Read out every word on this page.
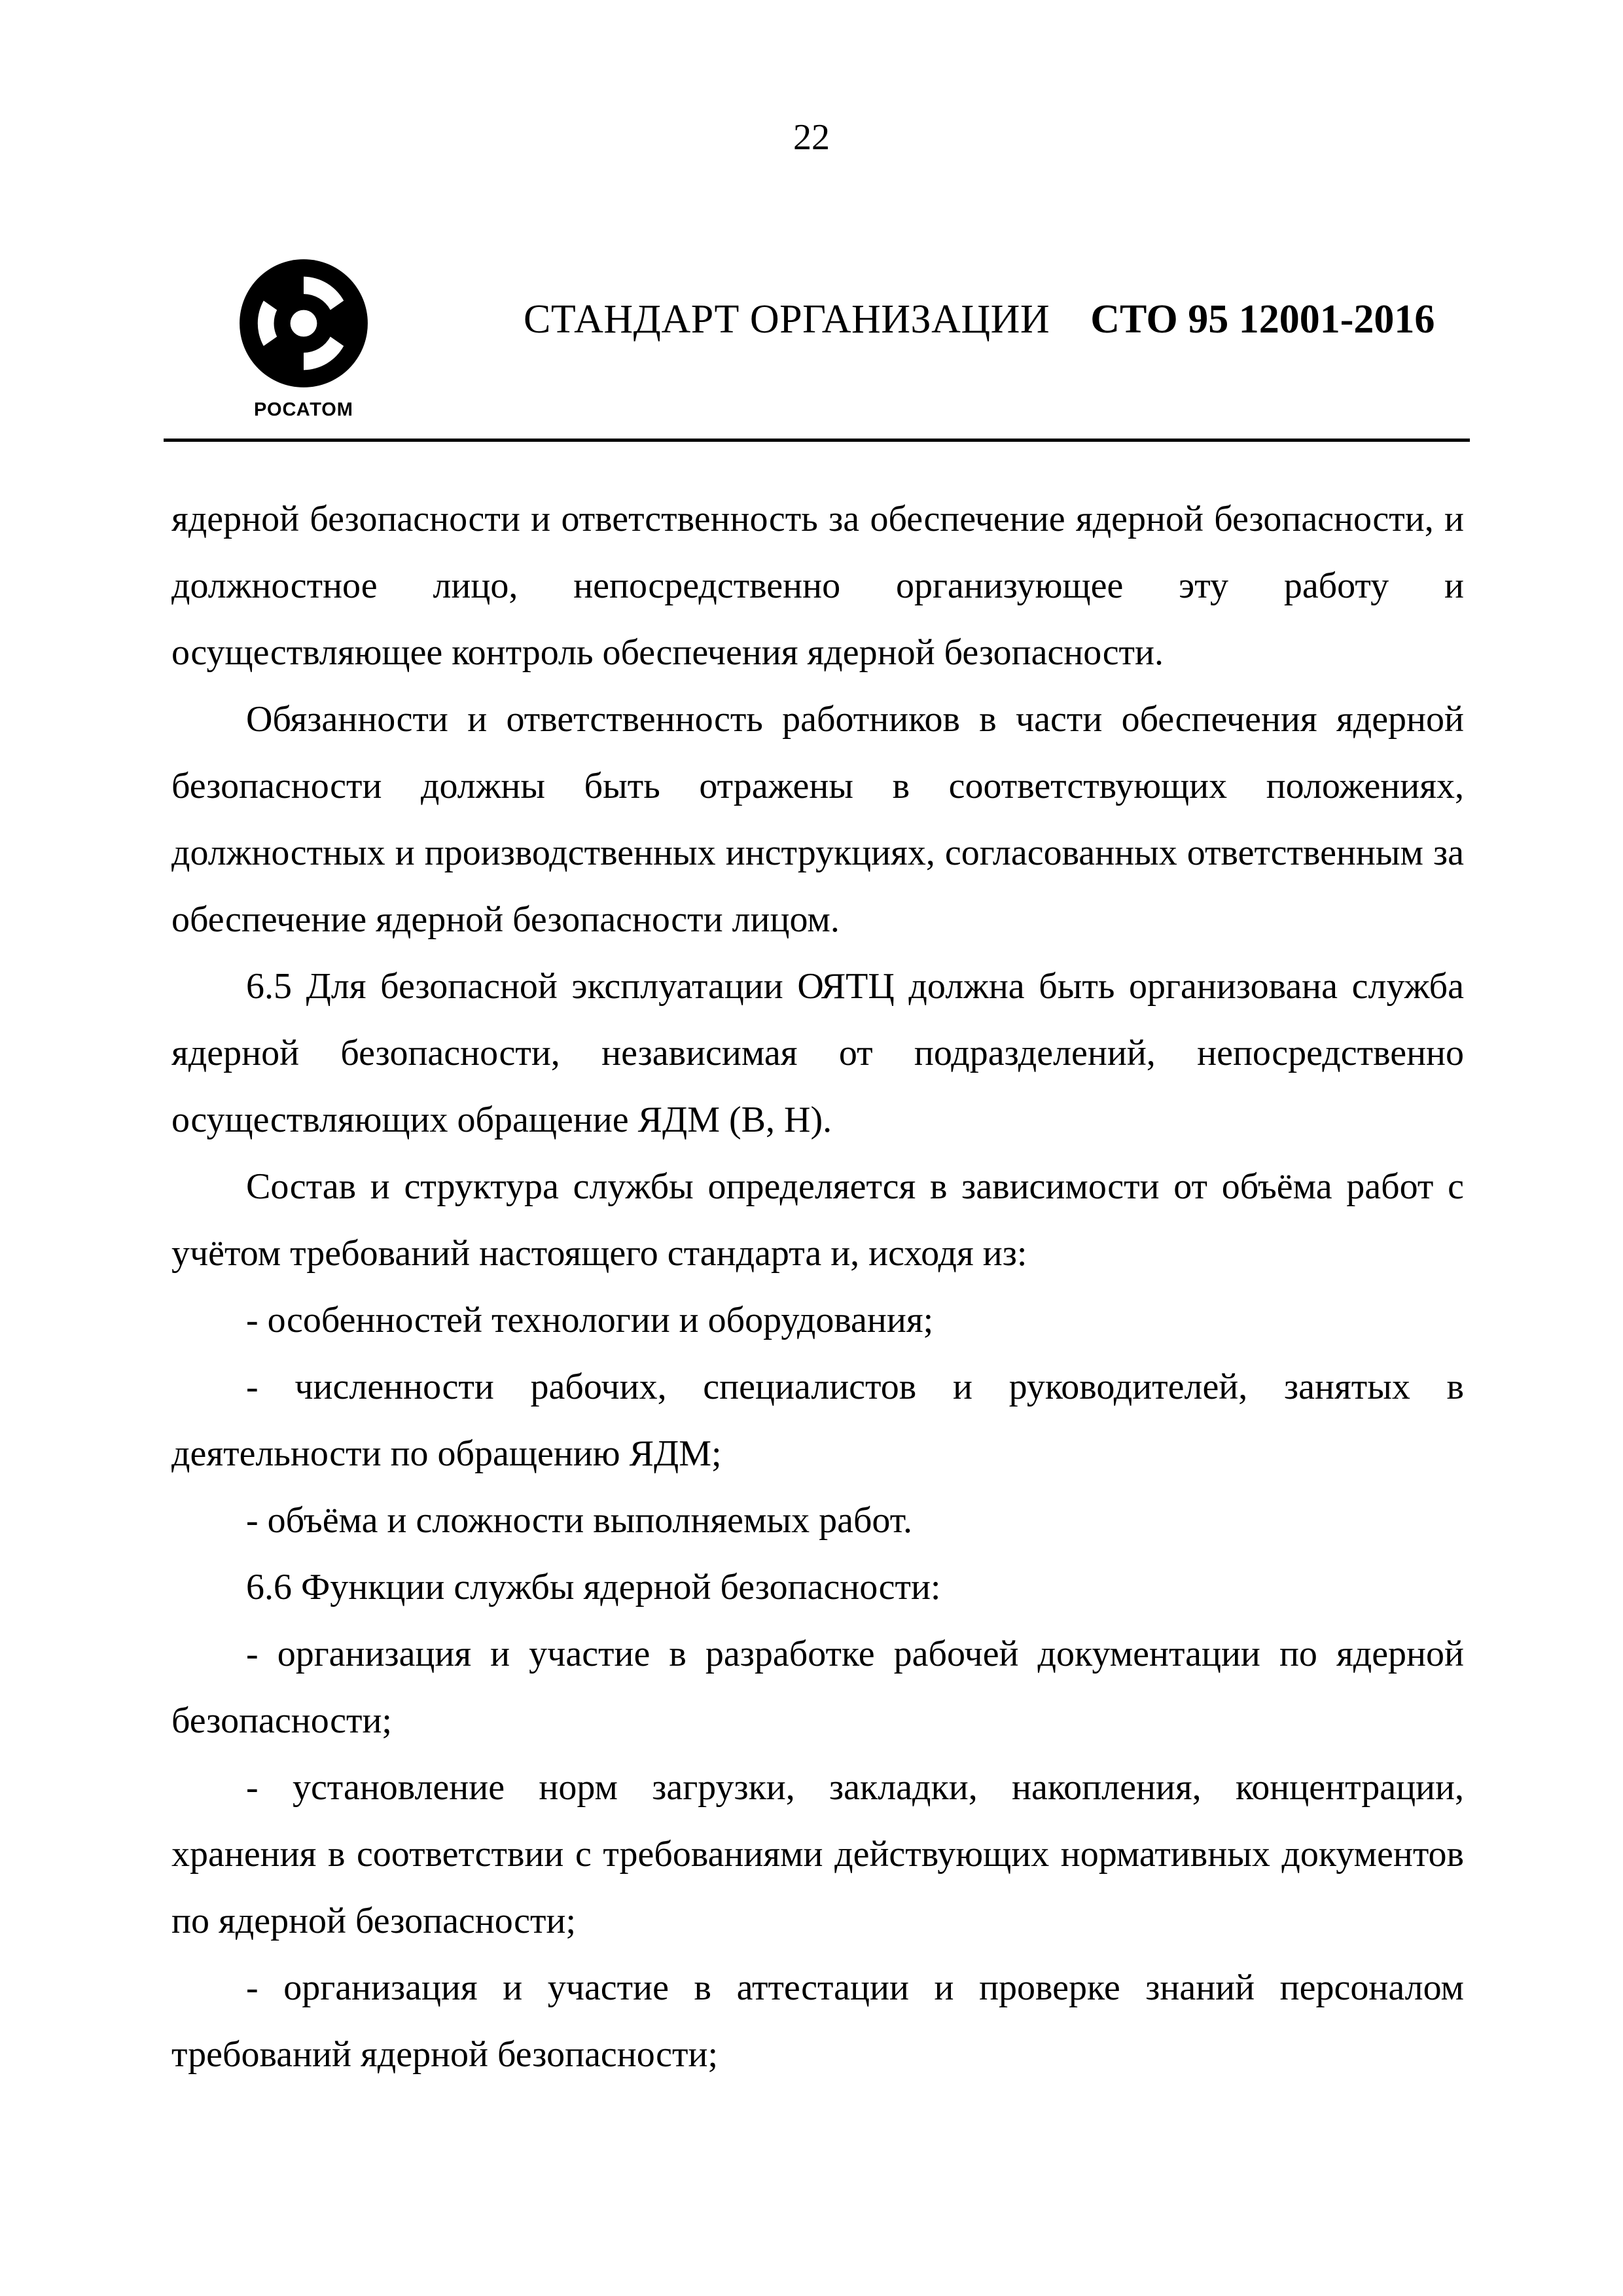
22
РОСАТОМ
СТАНДАРТ ОРГАНИЗАЦИИ СТО 95 12001-2016

ядерной безопасности и ответственность за обеспечение ядерной безопасности, и должностное лицо, непосредственно организующее эту работу и осуществляющее контроль обеспечения ядерной безопасности.

Обязанности и ответственность работников в части обеспечения ядерной безопасности должны быть отражены в соответствующих положениях, должностных и производственных инструкциях, согласованных ответственным за обеспечение ядерной безопасности лицом.

6.5 Для безопасной эксплуатации ОЯТЦ должна быть организована служба ядерной безопасности, независимая от подразделений, непосредственно осуществляющих обращение ЯДМ (В, Н).

Состав и структура службы определяется в зависимости от объёма работ с учётом требований настоящего стандарта и, исходя из:

- особенностей технологии и оборудования;

- численности рабочих, специалистов и руководителей, занятых в деятельности по обращению ЯДМ;

- объёма и сложности выполняемых работ.

6.6 Функции службы ядерной безопасности:

- организация и участие в разработке рабочей документации по ядерной безопасности;

- установление норм загрузки, закладки, накопления, концентрации, хранения в соответствии с требованиями действующих нормативных документов по ядерной безопасности;

- организация и участие в аттестации и проверке знаний персоналом требований ядерной безопасности;
